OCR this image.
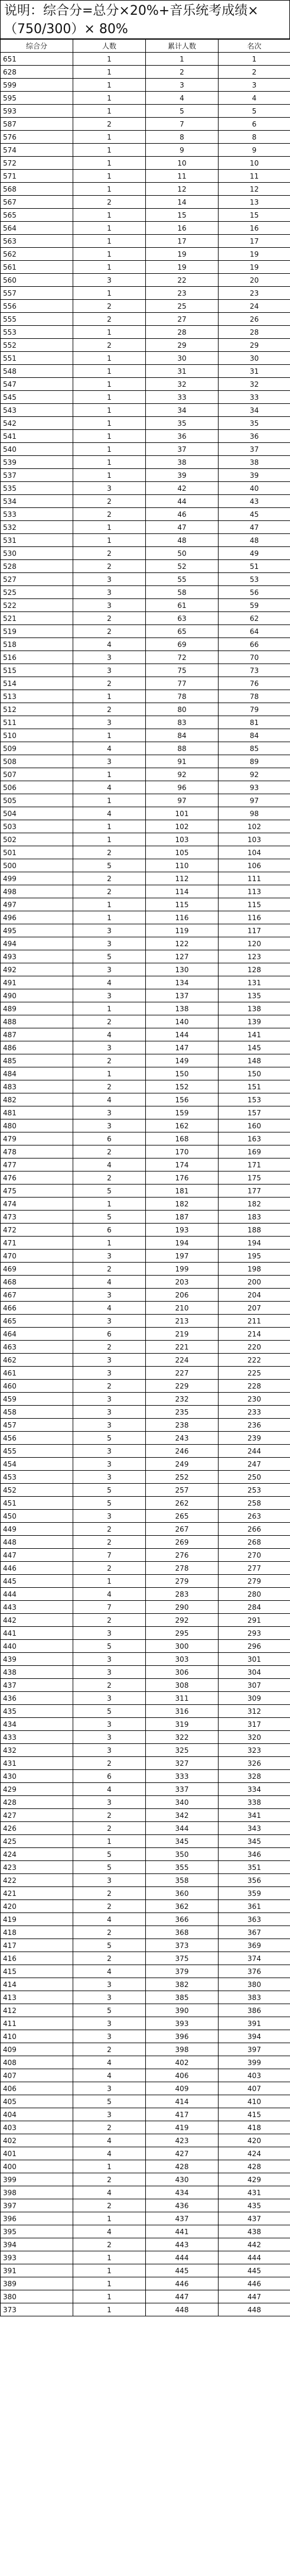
说明：综合分=总分×20%+音乐统考成绩×（750/300）× 80%
综合分	人数	累计人数	名次
651	1	1	1
628	1	2	2
599	1	3	3
595	1	4	4
593	1	5	5
587	2	7	6
576	1	8	8
574	1	9	9
572	1	10	10
571	1	11	11
568	1	12	12
567	2	14	13
565	1	15	15
564	1	16	16
563	1	17	17
562	1	19	19
561	1	19	19
560	3	22	20
557	1	23	23
556	2	25	24
555	2	27	26
553	1	28	28
552	2	29	29
551	1	30	30
548	1	31	31
547	1	32	32
545	1	33	33
543	1	34	34
542	1	35	35
541	1	36	36
540	1	37	37
539	1	38	38
537	1	39	39
535	3	42	40
534	2	44	43
533	2	46	45
532	1	47	47
531	1	48	48
530	2	50	49
528	2	52	51
527	3	55	53
525	3	58	56
522	3	61	59
521	2	63	62
519	2	65	64
518	4	69	66
516	3	72	70
515	3	75	73
514	2	77	76
513	1	78	78
512	2	80	79
511	3	83	81
510	1	84	84
509	4	88	85
508	3	91	89
507	1	92	92
506	4	96	93
505	1	97	97
504	4	101	98
503	1	102	102
502	1	103	103
501	2	105	104
500	5	110	106
499	2	112	111
498	2	114	113
497	1	115	115
496	1	116	116
495	3	119	117
494	3	122	120
493	5	127	123
492	3	130	128
491	4	134	131
490	3	137	135
489	1	138	138
488	2	140	139
487	4	144	141
486	3	147	145
485	2	149	148
484	1	150	150
483	2	152	151
482	4	156	153
481	3	159	157
480	3	162	160
479	6	168	163
478	2	170	169
477	4	174	171
476	2	176	175
475	5	181	177
474	1	182	182
473	5	187	183
472	6	193	188
471	1	194	194
470	3	197	195
469	2	199	198
468	4	203	200
467	3	206	204
466	4	210	207
465	3	213	211
464	6	219	214
463	2	221	220
462	3	224	222
461	3	227	225
460	2	229	228
459	3	232	230
458	3	235	233
457	3	238	236
456	5	243	239
455	3	246	244
454	3	249	247
453	3	252	250
452	5	257	253
451	5	262	258
450	3	265	263
449	2	267	266
448	2	269	268
447	7	276	270
446	2	278	277
445	1	279	279
444	4	283	280
443	7	290	284
442	2	292	291
441	3	295	293
440	5	300	296
439	3	303	301
438	3	306	304
437	2	308	307
436	3	311	309
435	5	316	312
434	3	319	317
433	3	322	320
432	3	325	323
431	2	327	326
430	6	333	328
429	4	337	334
428	3	340	338
427	2	342	341
426	2	344	343
425	1	345	345
424	5	350	346
423	5	355	351
422	3	358	356
421	2	360	359
420	2	362	361
419	4	366	363
418	2	368	367
417	5	373	369
416	2	375	374
415	4	379	376
414	3	382	380
413	3	385	383
412	5	390	386
411	3	393	391
410	3	396	394
409	2	398	397
408	4	402	399
407	4	406	403
406	3	409	407
405	5	414	410
404	3	417	415
403	2	419	418
402	4	423	420
401	4	427	424
400	1	428	428
399	2	430	429
398	4	434	431
397	2	436	435
396	1	437	437
395	4	441	438
394	2	443	442
393	1	444	444
391	1	445	445
389	1	446	446
380	1	447	447
373	1	448	448
